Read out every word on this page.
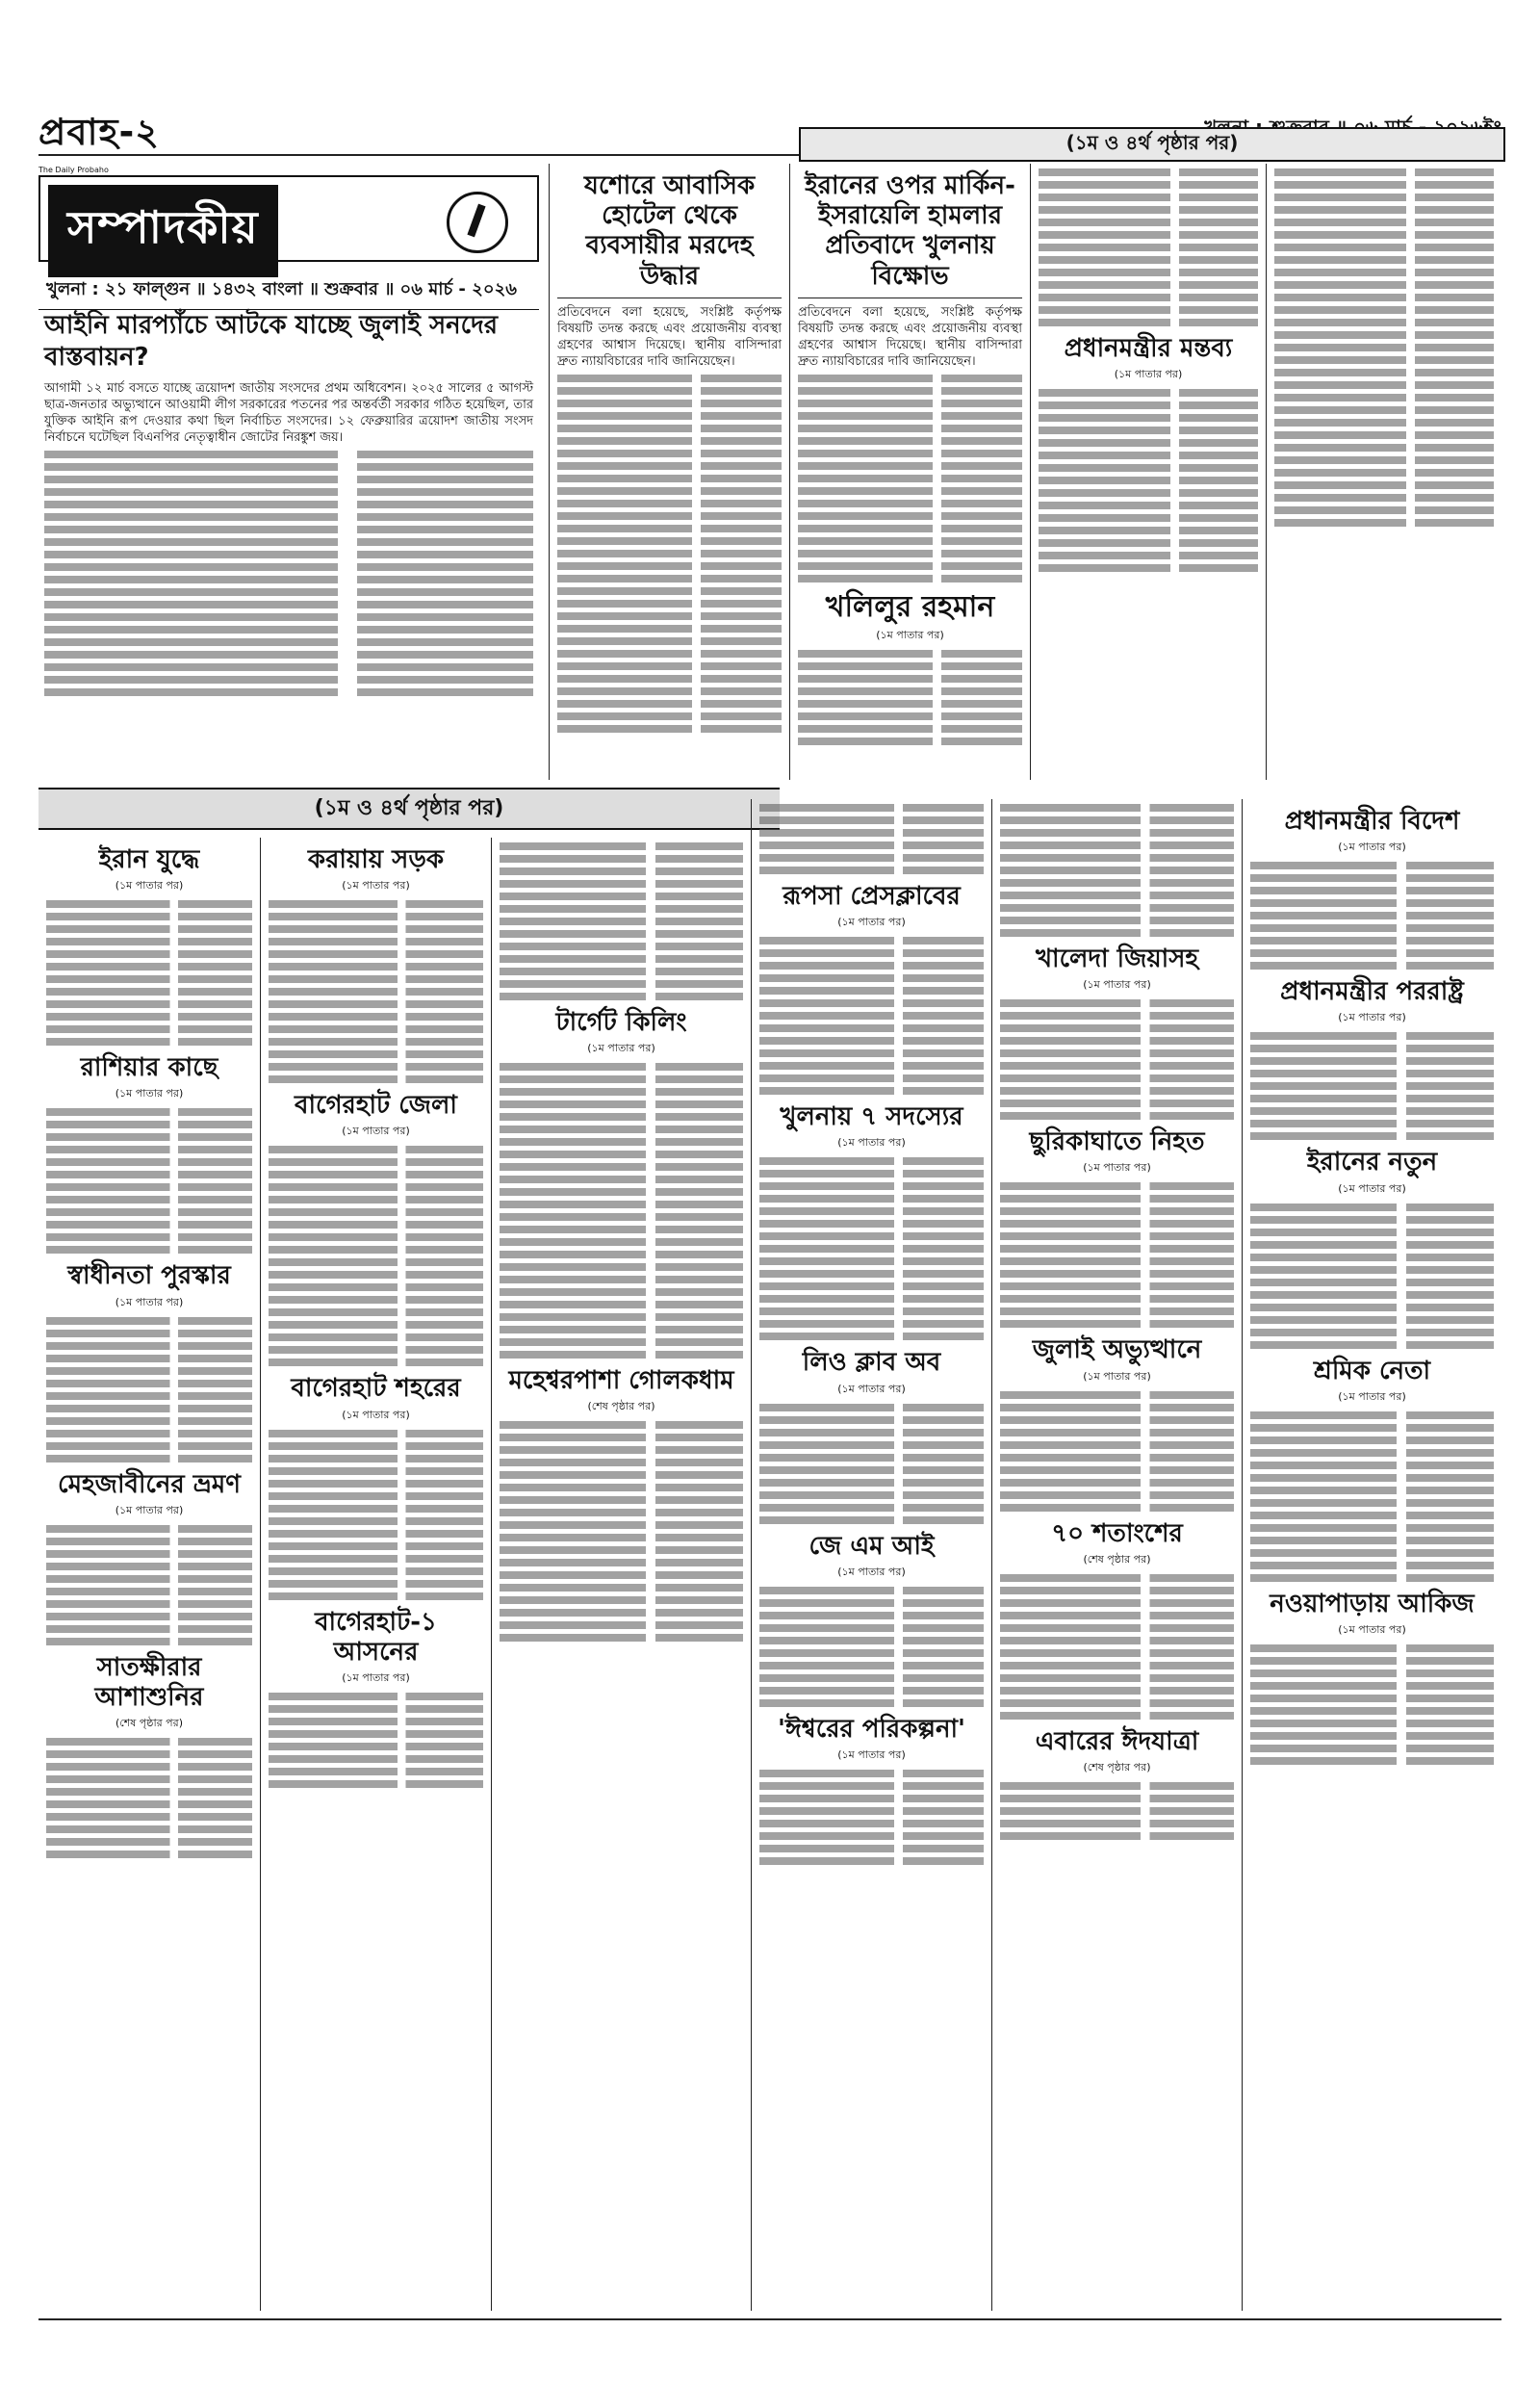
প্রবাহ-২
The Daily Probaho
(১ম ও ৪র্থ পৃষ্ঠার পর)
সম্পাদকীয়
খুলনা : ২১ ফাল্গুন ॥ ১৪৩২ বাংলা ॥ শুক্রবার ॥ ০৬ মার্চ - ২০২৬
আইনি মারপ্যাঁচে আটকে যাচ্ছে জুলাই সনদের বাস্তবায়ন?

আগামী ১২ মার্চ বসতে যাচ্ছে ত্রয়োদশ জাতীয় সংসদের প্রথম অধিবেশন। ২০২৫ সালের ৫ আগস্ট ছাত্র-জনতার অভ্যুত্থানে আওয়ামী লীগ সরকারের পতনের পর অন্তর্বর্তী সরকার গঠিত হয়েছিল, তার যুক্তিক আইনি রূপ দেওয়ার কথা ছিল নির্বাচিত সংসদের। ১২ ফেব্রুয়ারির ত্রয়োদশ জাতীয় সংসদ নির্বাচনে ঘটেছিল বিএনপির নেতৃত্বাধীন জোটের নিরঙ্কুশ জয়।

যশোরে আবাসিক হোটেল থেকে ব্যবসায়ীর মরদেহ উদ্ধার

প্রতিবেদনে বলা হয়েছে, সংশ্লিষ্ট কর্তৃপক্ষ বিষয়টি তদন্ত করছে এবং প্রয়োজনীয় ব্যবস্থা গ্রহণের আশ্বাস দিয়েছে। স্থানীয় বাসিন্দারা দ্রুত ন্যায়বিচারের দাবি জানিয়েছেন।

ইরানের ওপর মার্কিন-ইসরায়েলি হামলার প্রতিবাদে খুলনায় বিক্ষোভ

প্রতিবেদনে বলা হয়েছে, সংশ্লিষ্ট কর্তৃপক্ষ বিষয়টি তদন্ত করছে এবং প্রয়োজনীয় ব্যবস্থা গ্রহণের আশ্বাস দিয়েছে। স্থানীয় বাসিন্দারা দ্রুত ন্যায়বিচারের দাবি জানিয়েছেন।

খলিলুর রহমান
(১ম পাতার পর)
প্রধানমন্ত্রীর মন্তব্য
(১ম পাতার পর)
(১ম ও ৪র্থ পৃষ্ঠার পর)
ইরান যুদ্ধে
(১ম পাতার পর)
রাশিয়ার কাছে
(১ম পাতার পর)
স্বাধীনতা পুরস্কার
(১ম পাতার পর)
মেহজাবীনের ভ্রমণ
(১ম পাতার পর)
সাতক্ষীরার আশাশুনির
(শেষ পৃষ্ঠার পর)
করায়ায় সড়ক
(১ম পাতার পর)
বাগেরহাট জেলা
(১ম পাতার পর)
বাগেরহাট শহরের
(১ম পাতার পর)
বাগেরহাট-১ আসনের
(১ম পাতার পর)
টার্গেট কিলিং
(১ম পাতার পর)
মহেশ্বরপাশা গোলকধাম
(শেষ পৃষ্ঠার পর)
রূপসা প্রেসক্লাবের
(১ম পাতার পর)
খুলনায় ৭ সদস্যের
(১ম পাতার পর)
লিও ক্লাব অব
(১ম পাতার পর)
জে এম আই
(১ম পাতার পর)
'ঈশ্বরের পরিকল্পনা'
(১ম পাতার পর)
খালেদা জিয়াসহ
(১ম পাতার পর)
ছুরিকাঘাতে নিহত
(১ম পাতার পর)
জুলাই অভ্যুত্থানে
(১ম পাতার পর)
৭০ শতাংশের
(শেষ পৃষ্ঠার পর)
এবারের ঈদযাত্রা
(শেষ পৃষ্ঠার পর)
প্রধানমন্ত্রীর বিদেশ
(১ম পাতার পর)
প্রধানমন্ত্রীর পররাষ্ট্র
(১ম পাতার পর)
ইরানের নতুন
(১ম পাতার পর)
শ্রমিক নেতা
(১ম পাতার পর)
নওয়াপাড়ায় আকিজ
(১ম পাতার পর)
